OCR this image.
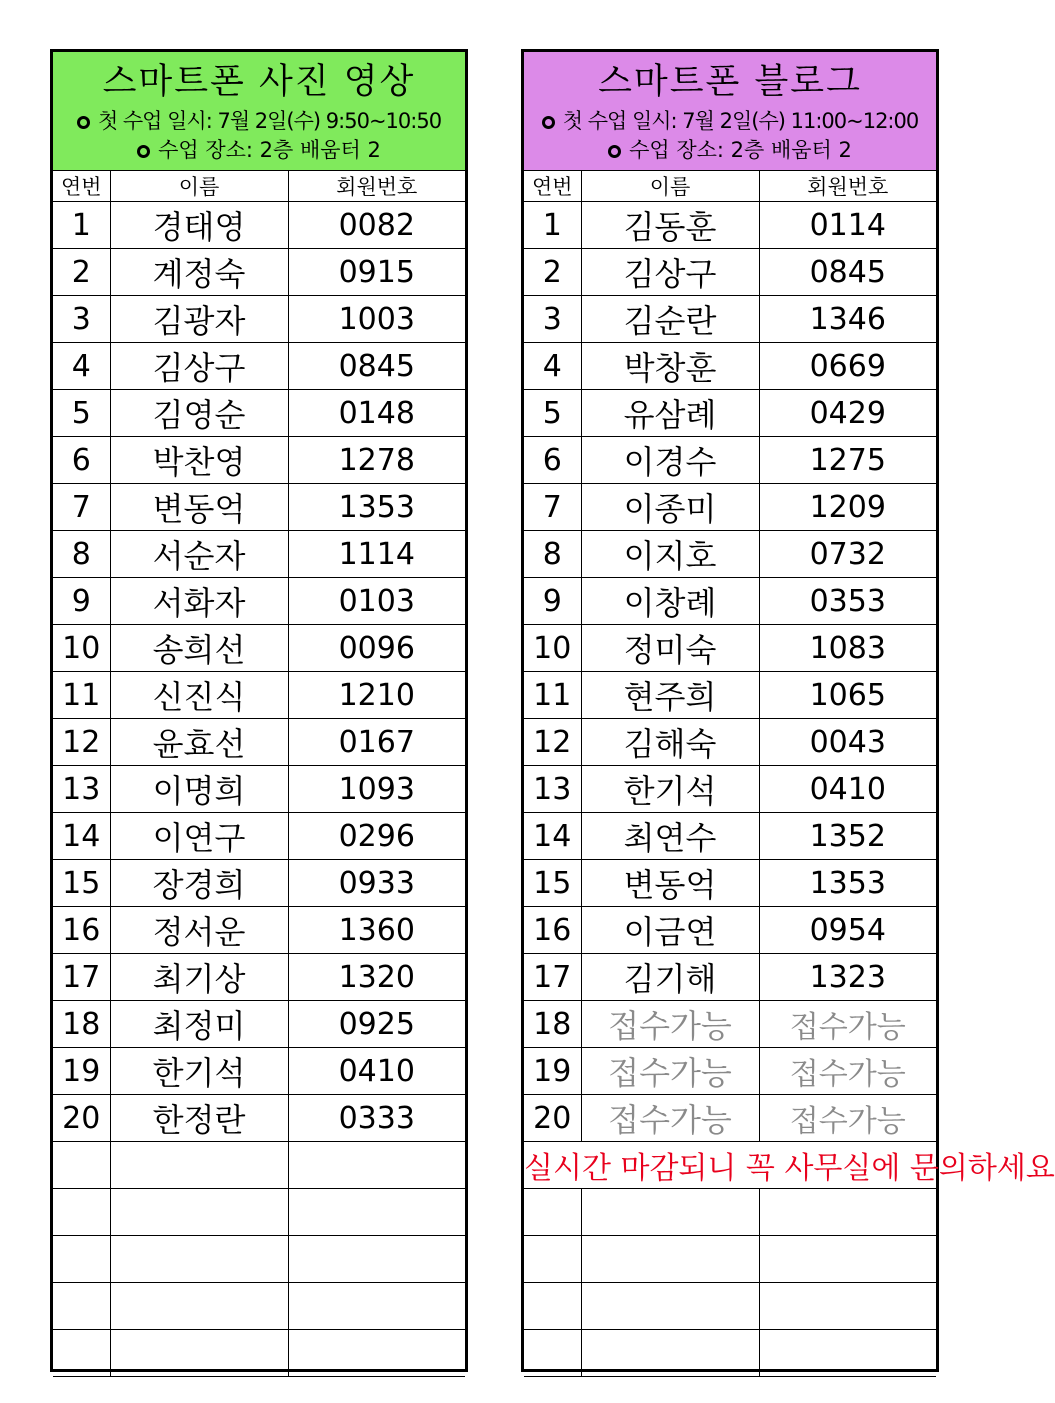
스마트폰 사진 영상
첫 수업 일시: 7월 2일(수) 9:50~10:50
수업 장소: 2층 배움터 2
연번	이름	회원번호
1	경태영	0082
2	계정숙	0915
3	김광자	1003
4	김상구	0845
5	김영순	0148
6	박찬영	1278
7	변동억	1353
8	서순자	1114
9	서화자	0103
10	송희선	0096
11	신진식	1210
12	윤효선	0167
13	이명희	1093
14	이연구	0296
15	장경희	0933
16	정서운	1360
17	최기상	1320
18	최정미	0925
19	한기석	0410
20	한정란	0333

스마트폰 블로그
첫 수업 일시: 7월 2일(수) 11:00~12:00
수업 장소: 2층 배움터 2
연번	이름	회원번호
1	김동훈	0114
2	김상구	0845
3	김순란	1346
4	박창훈	0669
5	유삼례	0429
6	이경수	1275
7	이종미	1209
8	이지호	0732
9	이창례	0353
10	정미숙	1083
11	현주희	1065
12	김해숙	0043
13	한기석	0410
14	최연수	1352
15	변동억	1353
16	이금연	0954
17	김기해	1323
18	접수가능	접수가능
19	접수가능	접수가능
20	접수가능	접수가능
실시간 마감되니 꼭 사무실에 문의하세요		
